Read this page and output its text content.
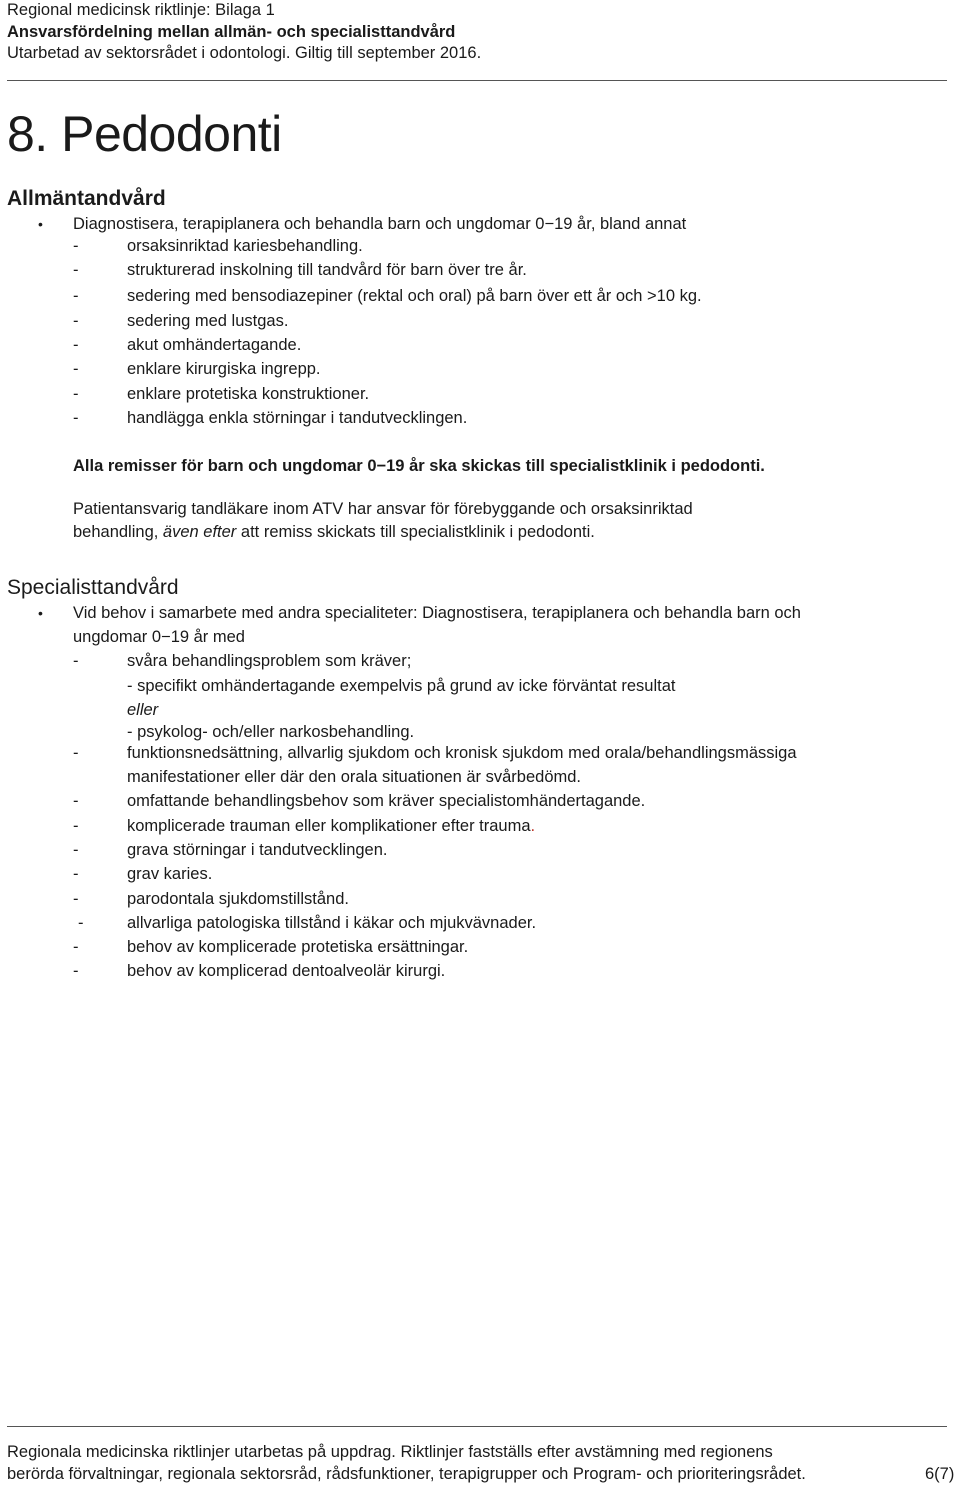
Regional medicinsk riktlinje: Bilaga 1
Ansvarsfördelning mellan allmän- och specialisttandvård
Utarbetad av sektorsrådet i odontologi. Giltig till september 2016.
8. Pedodonti
Allmäntandvård
• Diagnostisera, terapiplanera och behandla barn och ungdomar 0−19 år, bland annat
-	orsaksinriktad kariesbehandling.
-	strukturerad inskolning till tandvård för barn över tre år.
-	sedering med bensodiazepiner (rektal och oral) på barn över ett år och >10 kg.
-	sedering med lustgas.
-	akut omhändertagande.
-	enklare kirurgiska ingrepp.
-	enklare protetiska konstruktioner.
-	handlägga enkla störningar i tandutvecklingen.
Alla remisser för barn och ungdomar 0−19 år ska skickas till specialistklinik i pedodonti.
Patientansvarig tandläkare inom ATV har ansvar för förebyggande och orsaksinriktad
behandling, även efter att remiss skickats till specialistklinik i pedodonti.
Specialisttandvård
• Vid behov i samarbete med andra specialiteter: Diagnostisera, terapiplanera och behandla barn och
ungdomar 0−19 år med
-	svåra behandlingsproblem som kräver;
- specifikt omhändertagande exempelvis på grund av icke förväntat resultat
eller
- psykolog- och/eller narkosbehandling.
-	funktionsnedsättning, allvarlig sjukdom och kronisk sjukdom med orala/behandlingsmässiga
manifestationer eller där den orala situationen är svårbedömd.
-	omfattande behandlingsbehov som kräver specialistomhändertagande.
-	komplicerade trauman eller komplikationer efter trauma.
-	grava störningar i tandutvecklingen.
-	grav karies.
-	parodontala sjukdomstillstånd.
-	allvarliga patologiska tillstånd i käkar och mjukvävnader.
-	behov av komplicerade protetiska ersättningar.
-	behov av komplicerad dentoalveolär kirurgi.
Regionala medicinska riktlinjer utarbetas på uppdrag. Riktlinjer fastställs efter avstämning med regionens
berörda förvaltningar, regionala sektorsråd, rådsfunktioner, terapigrupper och Program- och prioriteringsrådet.	6(7)
